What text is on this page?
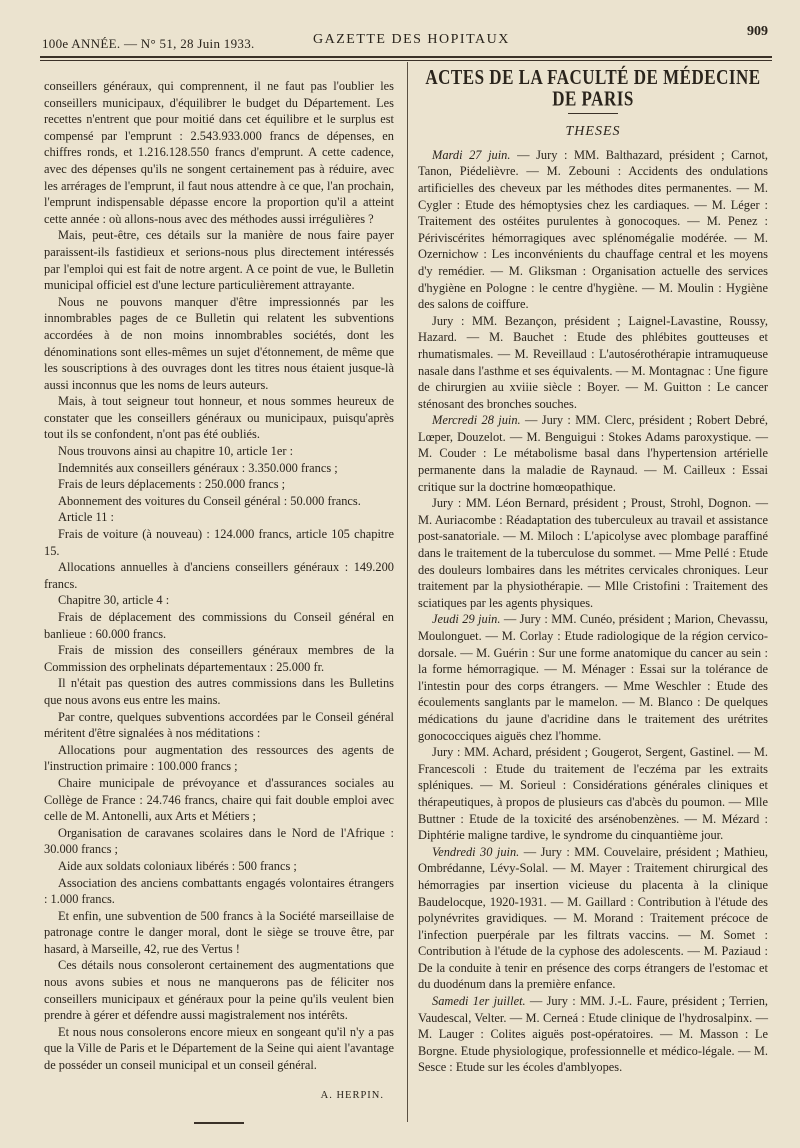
100e ANNÉE. — N° 51, 28 Juin 1933.	GAZETTE DES HOPITAUX
909

conseillers généraux, qui comprennent, il ne faut pas l'oublier les conseillers municipaux, d'équilibrer le budget du Département. Les recettes n'entrent que pour moitié dans cet équilibre et le surplus est compensé par l'emprunt : 2.543.933.000 francs de dépenses, en chiffres ronds, et 1.216.128.550 francs d'emprunt. A cette cadence, avec des dépenses qu'ils ne songent certainement pas à réduire, avec les arrérages de l'emprunt, il faut nous attendre à ce que, l'an prochain, l'emprunt indispensable dépasse encore la proportion qu'il a atteint cette année : où allons-nous avec des méthodes aussi irrégulières ?

Mais, peut-être, ces détails sur la manière de nous faire payer paraissent-ils fastidieux et serions-nous plus directement intéressés par l'emploi qui est fait de notre argent. A ce point de vue, le Bulletin municipal officiel est d'une lecture particulièrement attrayante.

Nous ne pouvons manquer d'être impressionnés par les innombrables pages de ce Bulletin qui relatent les subventions accordées à de non moins innombrables sociétés, dont les dénominations sont elles-mêmes un sujet d'étonnement, de même que les souscriptions à des ouvrages dont les titres nous étaient jusque-là aussi inconnus que les noms de leurs auteurs.

Mais, à tout seigneur tout honneur, et nous sommes heureux de constater que les conseillers généraux ou municipaux, puisqu'après tout ils se confondent, n'ont pas été oubliés.

Nous trouvons ainsi au chapitre 10, article 1er :

Indemnités aux conseillers généraux : 3.350.000 francs ;

Frais de leurs déplacements : 250.000 francs ;

Abonnement des voitures du Conseil général : 50.000 francs.

Article 11 :

Frais de voiture (à nouveau) : 124.000 francs, article 105 chapitre 15.

Allocations annuelles à d'anciens conseillers généraux : 149.200 francs.

Chapitre 30, article 4 :

Frais de déplacement des commissions du Conseil général en banlieue : 60.000 francs.

Frais de mission des conseillers généraux membres de la Commission des orphelinats départementaux : 25.000 fr.

Il n'était pas question des autres commissions dans les Bulletins que nous avons eus entre les mains.

Par contre, quelques subventions accordées par le Conseil général méritent d'être signalées à nos méditations :

Allocations pour augmentation des ressources des agents de l'instruction primaire : 100.000 francs ;

Chaire municipale de prévoyance et d'assurances sociales au Collège de France : 24.746 francs, chaire qui fait double emploi avec celle de M. Antonelli, aux Arts et Métiers ;

Organisation de caravanes scolaires dans le Nord de l'Afrique : 30.000 francs ;

Aide aux soldats coloniaux libérés : 500 francs ;

Association des anciens combattants engagés volontaires étrangers : 1.000 francs.

Et enfin, une subvention de 500 francs à la Société marseillaise de patronage contre le danger moral, dont le siège se trouve être, par hasard, à Marseille, 42, rue des Vertus !

Ces détails nous consoleront certainement des augmentations que nous avons subies et nous ne manquerons pas de féliciter nos conseillers municipaux et généraux pour la peine qu'ils veulent bien prendre à gérer et défendre aussi magistralement nos intérêts.

Et nous nous consolerons encore mieux en songeant qu'il n'y a pas que la Ville de Paris et le Département de la Seine qui aient l'avantage de posséder un conseil municipal et un conseil général.

A. HERPIN.
ACTES DE LA FACULTÉ DE MÉDECINE DE PARIS
THESES

Mardi 27 juin. — Jury : MM. Balthazard, président ; Carnot, Tanon, Piédelièvre. — M. Zebouni : Accidents des ondulations artificielles des cheveux par les méthodes dites permanentes. — M. Cygler : Etude des hémoptysies chez les cardiaques. — M. Léger : Traitement des ostéites purulentes à gonocoques. — M. Penez : Périviscérites hémorragiques avec splénomégalie modérée. — M. Ozernichow : Les inconvénients du chauffage central et les moyens d'y remédier. — M. Gliksman : Organisation actuelle des services d'hygiène en Pologne : le centre d'hygiène. — M. Moulin : Hygiène des salons de coiffure.

Jury : MM. Bezançon, président ; Laignel-Lavastine, Roussy, Hazard. — M. Bauchet : Etude des phlébites goutteuses et rhumatismales. — M. Reveillaud : L'autosérothérapie intramuqueuse nasale dans l'asthme et ses équivalents. — M. Montagnac : Une figure de chirurgien au xviiie siècle : Boyer. — M. Guitton : Le cancer sténosant des bronches souches.

Mercredi 28 juin. — Jury : MM. Clerc, président ; Robert Debré, Lœper, Douzelot. — M. Benguigui : Stokes Adams paroxystique. — M. Couder : Le métabolisme basal dans l'hypertension artérielle permanente dans la maladie de Raynaud. — M. Cailleux : Essai critique sur la doctrine homœopathique.

Jury : MM. Léon Bernard, président ; Proust, Strohl, Dognon. — M. Auriacombe : Réadaptation des tuberculeux au travail et assistance post-sanatoriale. — M. Miloch : L'apicolyse avec plombage paraffiné dans le traitement de la tuberculose du sommet. — Mme Pellé : Etude des douleurs lombaires dans les métrites cervicales chroniques. Leur traitement par la physiothérapie. — Mlle Cristofini : Traitement des sciatiques par les agents physiques.

Jeudi 29 juin. — Jury : MM. Cunéo, président ; Marion, Chevassu, Moulonguet. — M. Corlay : Etude radiologique de la région cervico-dorsale. — M. Guérin : Sur une forme anatomique du cancer au sein : la forme hémorragique. — M. Ménager : Essai sur la tolérance de l'intestin pour des corps étrangers. — Mme Weschler : Etude des écoulements sanglants par le mamelon. — M. Blanco : De quelques médications du jaune d'acridine dans le traitement des urétrites gonococciques aiguës chez l'homme.

Jury : MM. Achard, président ; Gougerot, Sergent, Gastinel. — M. Francescoli : Etude du traitement de l'eczéma par les extraits spléniques. — M. Sorieul : Considérations générales cliniques et thérapeutiques, à propos de plusieurs cas d'abcès du poumon. — Mlle Buttner : Etude de la toxicité des arsénobenzènes. — M. Mézard : Diphtérie maligne tardive, le syndrome du cinquantième jour.

Vendredi 30 juin. — Jury : MM. Couvelaire, président ; Mathieu, Ombrédanne, Lévy-Solal. — M. Mayer : Traitement chirurgical des hémorragies par insertion vicieuse du placenta à la clinique Baudelocque, 1920-1931. — M. Gaillard : Contribution à l'étude des polynévrites gravidiques. — M. Morand : Traitement précoce de l'infection puerpérale par les filtrats vaccins. — M. Somet : Contribution à l'étude de la cyphose des adolescents. — M. Paziaud : De la conduite à tenir en présence des corps étrangers de l'estomac et du duodénum dans la première enfance.

Samedi 1er juillet. — Jury : MM. J.-L. Faure, président ; Terrien, Vaudescal, Velter. — M. Cerneá : Etude clinique de l'hydrosalpinx. — M. Lauger : Colites aiguës post-opératoires. — M. Masson : Le Borgne. Etude physiologique, professionnelle et médico-légale. — M. Sesce : Etude sur les écoles d'amblyopes.
